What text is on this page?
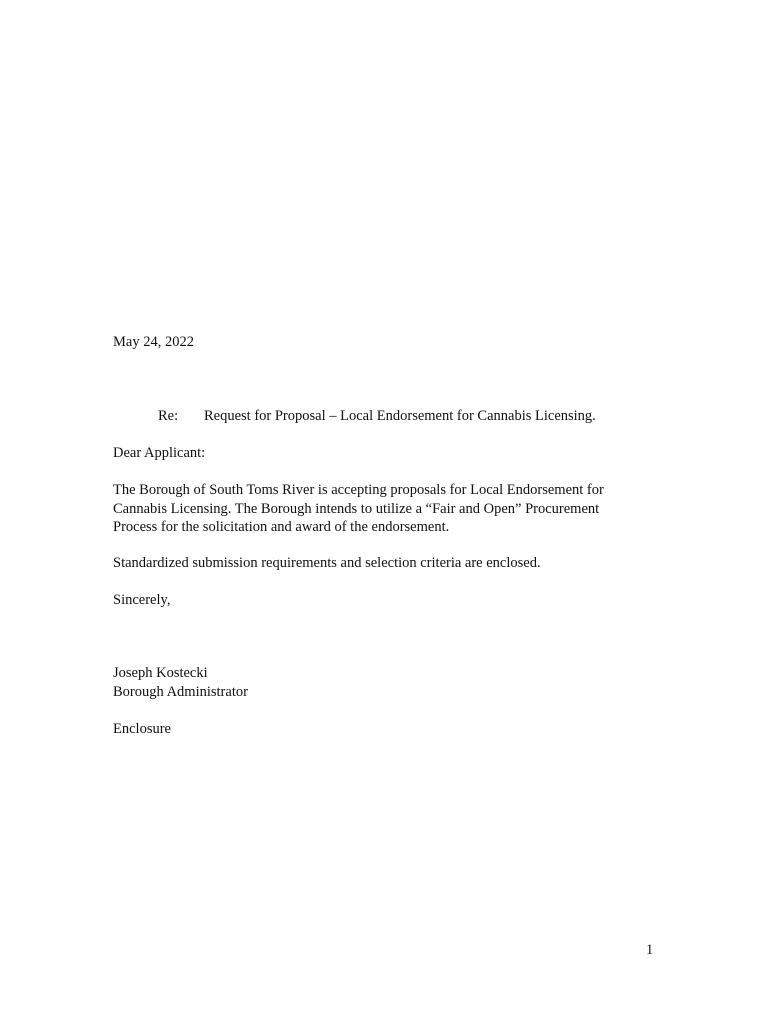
May 24, 2022

Re: Request for Proposal – Local Endorsement for Cannabis Licensing.

Dear Applicant:

The Borough of South Toms River is accepting proposals for Local Endorsement for
Cannabis Licensing. The Borough intends to utilize a “Fair and Open” Procurement
Process for the solicitation and award of the endorsement.

Standardized submission requirements and selection criteria are enclosed.

Sincerely,

Joseph Kostecki

Borough Administrator

Enclosure

1
